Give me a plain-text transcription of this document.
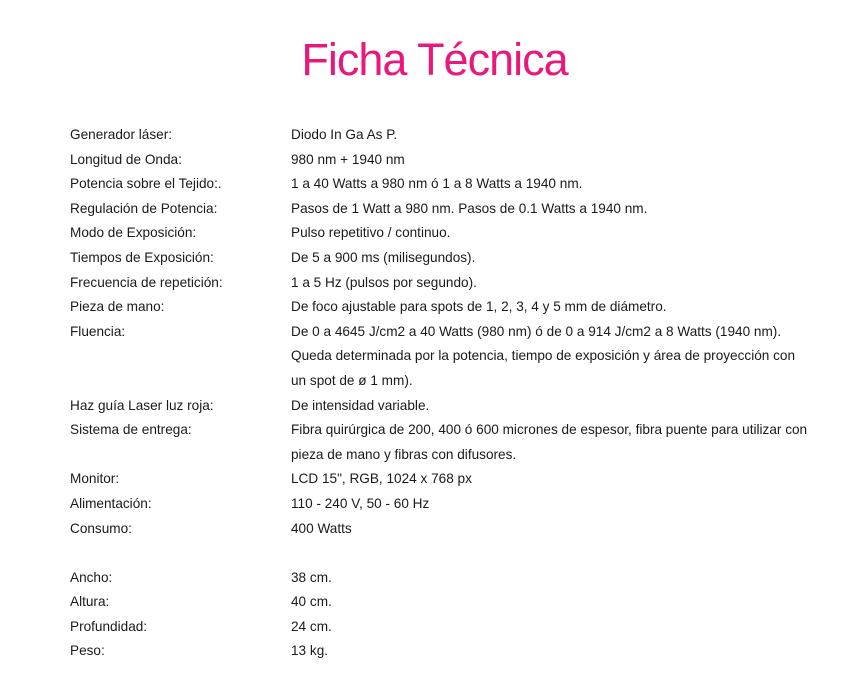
Ficha Técnica
Generador láser:	Diodo In Ga As P.
Longitud de Onda:	980 nm + 1940 nm
Potencia sobre el Tejido:.	1 a 40 Watts a 980 nm ó 1 a 8 Watts a 1940 nm.
Regulación de Potencia:	Pasos de 1 Watt a 980 nm. Pasos de 0.1 Watts a 1940 nm.
Modo de Exposición:	Pulso repetitivo / continuo.
Tiempos de Exposición:	De 5 a 900 ms (milisegundos).
Frecuencia de repetición:	1 a 5 Hz (pulsos por segundo).
Pieza de mano:	De foco ajustable para spots de 1, 2, 3, 4 y 5 mm de diámetro.
Fluencia:	De 0 a 4645 J/cm2 a 40 Watts (980 nm) ó de 0 a 914 J/cm2 a 8 Watts (1940 nm). Queda determinada por la potencia, tiempo de exposición y área de proyección con un spot de ø 1 mm).
Haz guía Laser luz roja:	De intensidad variable.
Sistema de entrega:	Fibra quirúrgica de 200, 400 ó 600 micrones de espesor, fibra puente para utilizar con pieza de mano y fibras con difusores.
Monitor:	LCD 15", RGB, 1024 x 768 px
Alimentación:	110 - 240 V, 50 - 60 Hz
Consumo:	400 Watts
Ancho:	38 cm.
Altura:	40 cm.
Profundidad:	24 cm.
Peso:	13 kg.
